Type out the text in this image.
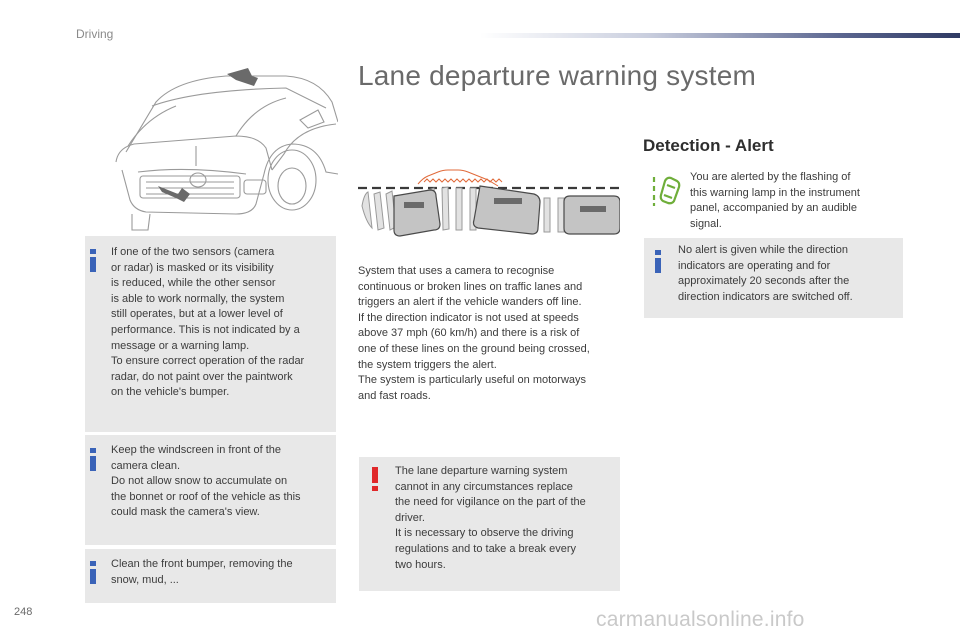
Driving
Lane departure warning system
If one of the two sensors (camera
or radar) is masked or its visibility
is reduced, while the other sensor
is able to work normally, the system
still operates, but at a lower level of
performance. This is not indicated by a
message or a warning lamp.
To ensure correct operation of the radar
radar, do not paint over the paintwork
on the vehicle's bumper.
Keep the windscreen in front of the
camera clean.
Do not allow snow to accumulate on
the bonnet or roof of the vehicle as this
could mask the camera's view.
Clean the front bumper, removing the
snow, mud, ...
System that uses a camera to recognise
continuous or broken lines on traffic lanes and
triggers an alert if the vehicle wanders off line.
If the direction indicator is not used at speeds
above 37 mph (60 km/h) and there is a risk of
one of these lines on the ground being crossed,
the system triggers the alert.
The system is particularly useful on motorways
and fast roads.
The lane departure warning system
cannot in any circumstances replace
the need for vigilance on the part of the
driver.
It is necessary to observe the driving
regulations and to take a break every
two hours.
Detection - Alert
You are alerted by the flashing of
this warning lamp in the instrument
panel, accompanied by an audible
signal.
No alert is given while the direction
indicators are operating and for
approximately 20 seconds after the
direction indicators are switched off.
248	carmanualsonline.info
